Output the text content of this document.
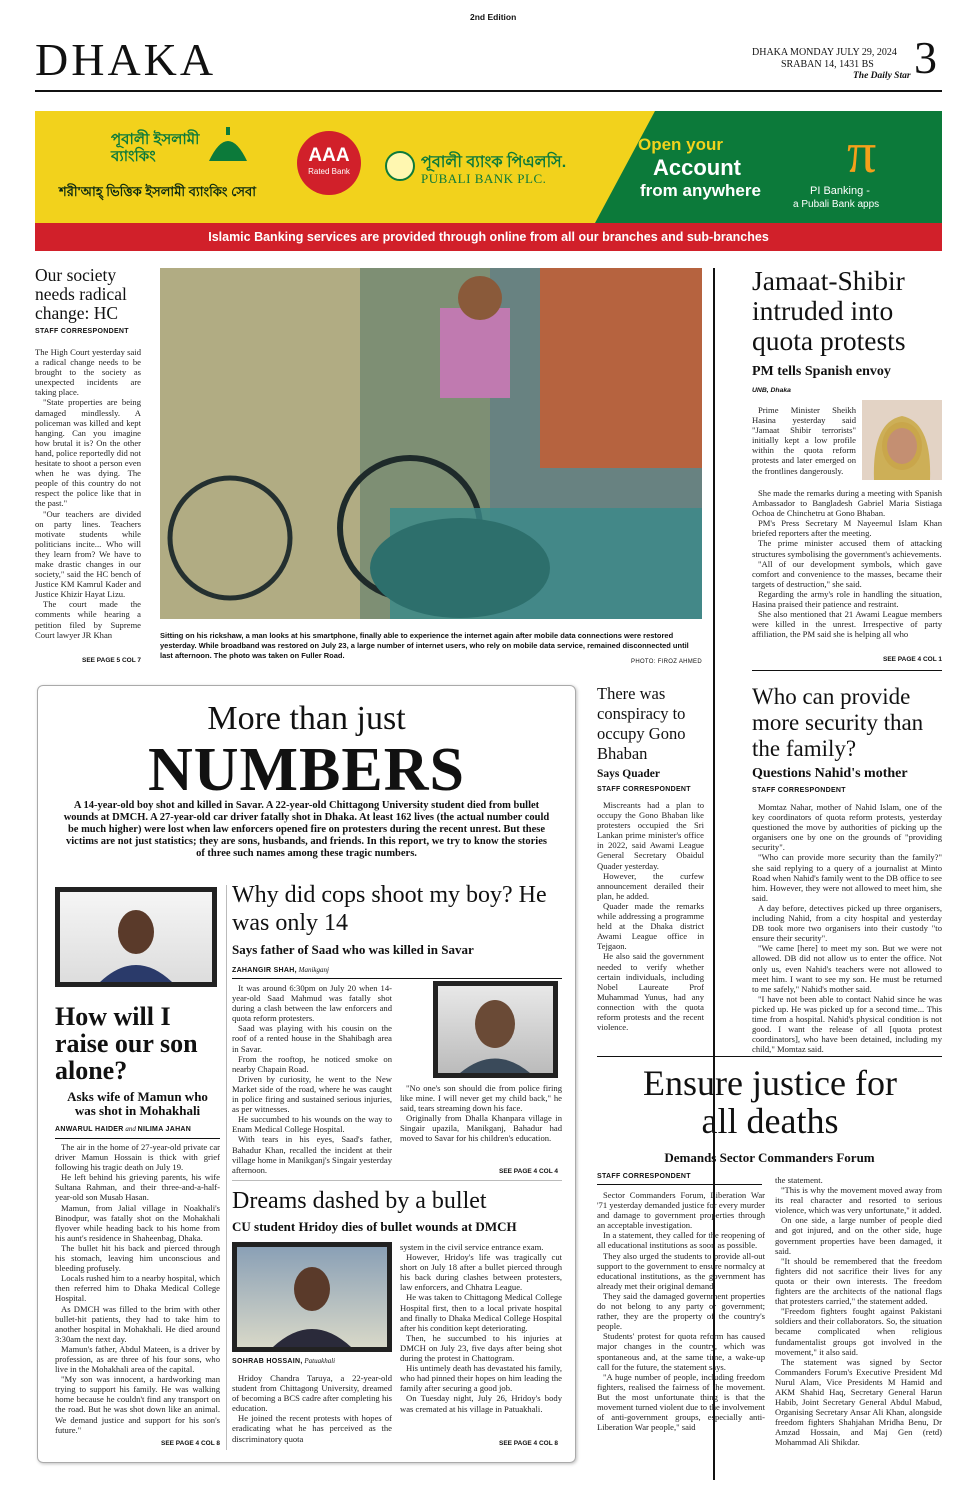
2nd Edition
DHAKA	DHAKA MONDAY JULY 29, 2024
SRABAN 14, 1431 BS
The Daily Star 3
পূবালী ইসলামী ব্যাংকিং
শরী'আহ্ ভিত্তিক ইসলামী ব্যাংকিং সেবা
AAA
Rated Bank
পূবালী ব্যাংক পিএলসি.
PUBALI BANK PLC.
Open your
Account
from anywhere
π
PI Banking -
a Pubali Bank apps
Islamic Banking services are provided through online from all our branches and sub-branches
Our society needs radical change: HC
STAFF CORRESPONDENT

The High Court yesterday said a radical change needs to be brought to the society as unexpected incidents are taking place.

"State properties are being damaged mindlessly. A policeman was killed and kept hanging. Can you imagine how brutal it is? On the other hand, police reportedly did not hesitate to shoot a person even when he was dying. The people of this country do not respect the police like that in the past."

"Our teachers are divided on party lines. Teachers motivate students while politicians incite... Who will they learn from? We have to make drastic changes in our society," said the HC bench of Justice KM Kamrul Kader and Justice Khizir Hayat Lizu.

The court made the comments while hearing a petition filed by Supreme Court lawyer JR Khan

SEE PAGE 5 COL 7
Sitting on his rickshaw, a man looks at his smartphone, finally able to experience the internet again after mobile data connections were restored yesterday. While broadband was restored on July 23, a large number of internet users, who rely on mobile data service, remained disconnected until last afternoon. The photo was taken on Fuller Road.
PHOTO: FIROZ AHMED
Jamaat-Shibir intruded into quota protests
PM tells Spanish envoy
UNB, Dhaka

Prime Minister Sheikh Hasina yesterday said "Jamaat Shibir terrorists" initially kept a low profile within the quota reform protests and later emerged on the frontlines dangerously.

She made the remarks during a meeting with Spanish Ambassador to Bangladesh Gabriel Maria Sistiaga Ochoa de Chinchetru at Gono Bhaban.

PM's Press Secretary M Nayeemul Islam Khan briefed reporters after the meeting.

The prime minister accused them of attacking structures symbolising the government's achievements.

"All of our development symbols, which gave comfort and convenience to the masses, became their targets of destruction," she said.

Regarding the army's role in handling the situation, Hasina praised their patience and restraint.

She also mentioned that 21 Awami League members were killed in the unrest. Irrespective of party affiliation, the PM said she is helping all who

SEE PAGE 4 COL 1
More than just
NUMBERS
A 14-year-old boy shot and killed in Savar. A 22-year-old Chittagong University student died from bullet wounds at DMCH. A 27-year-old car driver fatally shot in Dhaka. At least 162 lives (the actual number could be much higher) were lost when law enforcers opened fire on protesters during the recent unrest. But these victims are not just statistics; they are sons, husbands, and friends. In this report, we try to know the stories of three such names among these tragic numbers.
How will I raise our son alone?
Asks wife of Mamun who was shot in Mohakhali
ANWARUL HAIDER and NILIMA JAHAN

The air in the home of 27-year-old private car driver Mamun Hossain is thick with grief following his tragic death on July 19.

He left behind his grieving parents, his wife Sultana Rahman, and their three-and-a-half-year-old son Musab Hasan.

Mamun, from Jalial village in Noakhali's Binodpur, was fatally shot on the Mohakhali flyover while heading back to his home from his aunt's residence in Shaheenbag, Dhaka.

The bullet hit his back and pierced through his stomach, leaving him unconscious and bleeding profusely.

Locals rushed him to a nearby hospital, which then referred him to Dhaka Medical College Hospital.

As DMCH was filled to the brim with other bullet-hit patients, they had to take him to another hospital in Mohakhali. He died around 3:30am the next day.

Mamun's father, Abdul Mateen, is a driver by profession, as are three of his four sons, who live in the Mohakhali area of the capital.

"My son was innocent, a hardworking man trying to support his family. He was walking home because he couldn't find any transport on the road. But he was shot down like an animal. We demand justice and support for his son's future."

SEE PAGE 4 COL 8
Why did cops shoot my boy? He was only 14
Says father of Saad who was killed in Savar
ZAHANGIR SHAH, Manikganj

It was around 6:30pm on July 20 when 14-year-old Saad Mahmud was fatally shot during a clash between the law enforcers and quota reform protesters.

Saad was playing with his cousin on the roof of a rented house in the Shahibagh area in Savar.

From the rooftop, he noticed smoke on nearby Chapain Road.

Driven by curiosity, he went to the New Market side of the road, where he was caught in police firing and sustained serious injuries, as per witnesses.

He succumbed to his wounds on the way to Enam Medical College Hospital.

With tears in his eyes, Saad's father, Bahadur Khan, recalled the incident at their village home in Manikganj's Singair yesterday afternoon.

"No one's son should die from police firing like mine. I will never get my child back," he said, tears streaming down his face.

Originally from Dhalla Khanpara village in Singair upazila, Manikganj, Bahadur had moved to Savar for his children's education.

SEE PAGE 4 COL 4
Dreams dashed by a bullet
CU student Hridoy dies of bullet wounds at DMCH
SOHRAB HOSSAIN, Patuakhali

Hridoy Chandra Taruya, a 22-year-old student from Chittagong University, dreamed of becoming a BCS cadre after completing his education.

He joined the recent protests with hopes of eradicating what he has perceived as the discriminatory quota

system in the civil service entrance exam.

However, Hridoy's life was tragically cut short on July 18 after a bullet pierced through his back during clashes between protesters, law enforcers, and Chhatra League.

He was taken to Chittagong Medical College Hospital first, then to a local private hospital and finally to Dhaka Medical College Hospital after his condition kept deteriorating.

Then, he succumbed to his injuries at DMCH on July 23, five days after being shot during the protest in Chattogram.

His untimely death has devastated his family, who had pinned their hopes on him leading the family after securing a good job.

On Tuesday night, July 26, Hridoy's body was cremated at his village in Patuakhali.

SEE PAGE 4 COL 8
There was conspiracy to occupy Gono Bhaban
Says Quader
STAFF CORRESPONDENT

Miscreants had a plan to occupy the Gono Bhaban like protesters occupied the Sri Lankan prime minister's office in 2022, said Awami League General Secretary Obaidul Quader yesterday.

However, the curfew announcement derailed their plan, he added.

Quader made the remarks while addressing a programme held at the Dhaka district Awami League office in Tejgaon.

He also said the government needed to verify whether certain individuals, including Nobel Laureate Prof Muhammad Yunus, had any connection with the quota reform protests and the recent violence.

Who can provide more security than the family?
Questions Nahid's mother
STAFF CORRESPONDENT

Momtaz Nahar, mother of Nahid Islam, one of the key coordinators of quota reform protests, yesterday questioned the move by authorities of picking up the organisers one by one on the grounds of "providing security".

"Who can provide more security than the family?" she said replying to a query of a journalist at Minto Road when Nahid's family went to the DB office to see him. However, they were not allowed to meet him, she said.

A day before, detectives picked up three organisers, including Nahid, from a city hospital and yesterday DB took more two organisers into their custody "to ensure their security".

"We came [here] to meet my son. But we were not allowed. DB did not allow us to enter the office. Not only us, even Nahid's teachers were not allowed to meet him. I want to see my son. He must be returned to me safely," Nahid's mother said.

"I have not been able to contact Nahid since he was picked up. He was picked up for a second time... This time from a hospital. Nahid's physical condition is not good. I want the release of all [quota protest coordinators], who have been detained, including my child," Momtaz said.

Ensure justice for all deaths
Demands Sector Commanders Forum
STAFF CORRESPONDENT

Sector Commanders Forum, Liberation War '71 yesterday demanded justice for every murder and damage to government properties through an acceptable investigation.

In a statement, they called for the reopening of all educational institutions as soon as possible.

They also urged the students to provide all-out support to the government to ensure normalcy at educational institutions, as the government has already met their original demand.

They said the damaged government properties do not belong to any party or government; rather, they are the property of the country's people.

Students' protest for quota reform has caused major changes in the country, which was spontaneous and, at the same time, a wake-up call for the future, the statement says.

"A huge number of people, including freedom fighters, realised the fairness of the movement. But the most unfortunate thing is that the movement turned violent due to the involvement of anti-government groups, especially anti-Liberation War people," said

the statement.

"This is why the movement moved away from its real character and resorted to serious violence, which was very unfortunate," it added.

On one side, a large number of people died and got injured, and on the other side, huge government properties have been damaged, it said.

"It should be remembered that the freedom fighters did not sacrifice their lives for any quota or their own interests. The freedom fighters are the architects of the national flags that protesters carried," the statement added.

"Freedom fighters fought against Pakistani soldiers and their collaborators. So, the situation became complicated when religious fundamentalist groups got involved in the movement," it also said.

The statement was signed by Sector Commanders Forum's Executive President Md Nurul Alam, Vice Presidents M Hamid and AKM Shahid Haq, Secretary General Harun Habib, Joint Secretary General Abdul Mabud, Organising Secretary Ansar Ali Khan, alongside freedom fighters Shahjahan Mridha Benu, Dr Amzad Hossain, and Maj Gen (retd) Mohammad Ali Shikdar.
